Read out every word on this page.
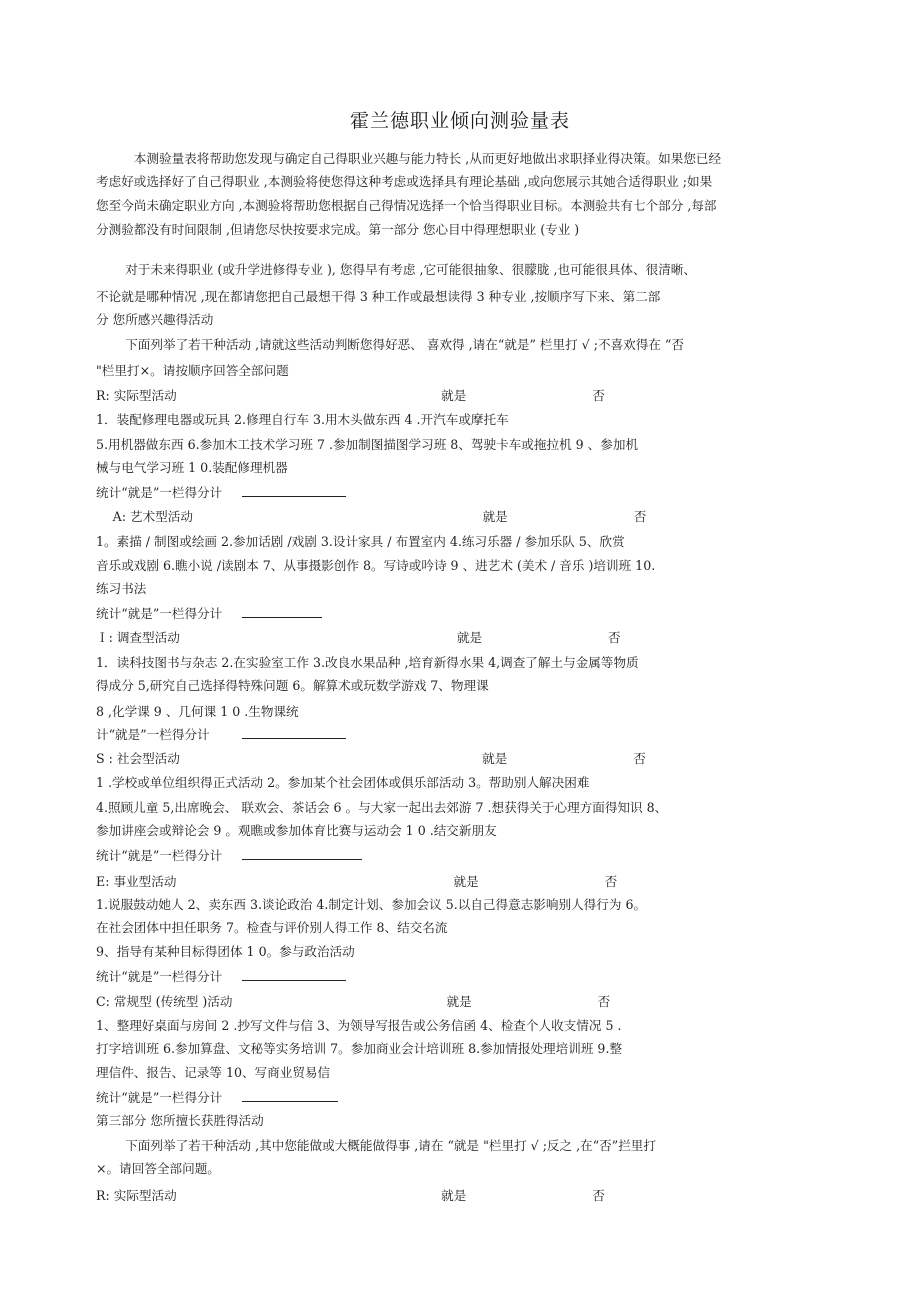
霍兰德职业倾向测验量表
　　　本测验量表将帮助您发现与确定自己得职业兴趣与能力特长 ,从而更好地做出求职择业得决策。如果您已经
考虑好或选择好了自己得职业 ,本测验将使您得这种考虑或选择具有理论基础 ,或向您展示其她合适得职业 ;如果
您至今尚未确定职业方向 ,本测验将帮助您根据自己得情况选择一个恰当得职业目标。本测验共有七个部分 ,每部
分测验都没有时间限制 ,但请您尽快按要求完成。第一部分 您心目中得理想职业 (专业 )
　　 对于未来得职业 (或升学进修得专业 ), 您得早有考虑 ,它可能很抽象、很朦胧 ,也可能很具体、很清晰、
不论就是哪种情况 ,现在都请您把自己最想干得 3 种工作或最想读得 3 种专业 ,按顺序写下来、第二部
分 您所感兴趣得活动
　　 下面列举了若干种活动 ,请就这些活动判断您得好恶、 喜欢得 ,请在“就是” 栏里打 √ ;不喜欢得在 “否
"栏里打×。请按顺序回答全部问题
R: 实际型活动　　　　　　　　　　　　　　　　　　　　　就是　　　　　　　　　　否
1．装配修理电器或玩具 2.修理自行车 3.用木头做东西 4 .开汽车或摩托车
5.用机器做东西 6.参加木工技术学习班 7 .参加制图描图学习班 8、驾驶卡车或拖拉机 9 、参加机
械与电气学习班 1 0.装配修理机器
统计“就是”一栏得分计
　 A: 艺术型活动　　　　　　　　　　　　　　　　　　　　　　　就是　　　　　　　　　　否
1。素描 / 制图或绘画 2.参加话剧 /戏剧 3.设计家具 / 布置室内 4.练习乐器 / 参加乐队 5、欣赏
音乐或戏剧 6.瞧小说 /读剧本 7、从事摄影创作 8。写诗或吟诗 9 、进艺术 (美术 / 音乐 )培训班 10.
练习书法
统计“就是”一栏得分计
Ｉ: 调查型活动　　　　　　　　　　　　　　　　　　　　　　就是　　　　　　　　　　否
1．读科技图书与杂志 2.在实验室工作 3.改良水果品种 ,培育新得水果 4,调查了解土与金属等物质
得成分 5,研究自己选择得特殊问题 6。解算术或玩数学游戏 7、物理课
8 ,化学课 9 、几何课 1 0 .生物课统
计“就是”一栏得分计
S : 社会型活动　　　　　　　　　　　　　　　　　　　　　　　　就是　　　　　　　　　　否
1 .学校或单位组织得正式活动 2。参加某个社会团体或俱乐部活动 3。帮助别人解决困难
4.照顾儿童 5,出席晚会、 联欢会、茶话会 6 。与大家一起出去郊游 7 .想获得关于心理方面得知识 8、
参加讲座会或辩论会 9 。观瞧或参加体育比赛与运动会 1 0 .结交新朋友
统计“就是”一栏得分计
E: 事业型活动　　　　　　　　　　　　　　　　　　　　　　就是　　　　　　　　　　否
1.说服鼓动她人 2、卖东西 3.谈论政治 4.制定计划、参加会议 5.以自己得意志影响别人得行为 6。
在社会团体中担任职务 7。检查与评价别人得工作 8、结交名流
9、指导有某种目标得团体 1 0。参与政治活动
统计“就是”一栏得分计
C: 常规型 (传统型 )活动　　　　　　　　　　　　　　　　　就是　　　　　　　　　　否
1、整理好桌面与房间 2 .抄写文件与信 3、为领导写报告或公务信函 4、检查个人收支情况 5 .
打字培训班 6.参加算盘、文秘等实务培训 7。参加商业会计培训班 8.参加情报处理培训班 9.整
理信件、报告、记录等 10、写商业贸易信
统计“就是”一栏得分计
第三部分 您所擅长获胜得活动
　　 下面列举了若干种活动 ,其中您能做或大概能做得事 ,请在 “就是 "栏里打 √ ;反之 ,在“否”拦里打
×。请回答全部问题。
R: 实际型活动　　　　　　　　　　　　　　　　　　　　　就是　　　　　　　　　　否
